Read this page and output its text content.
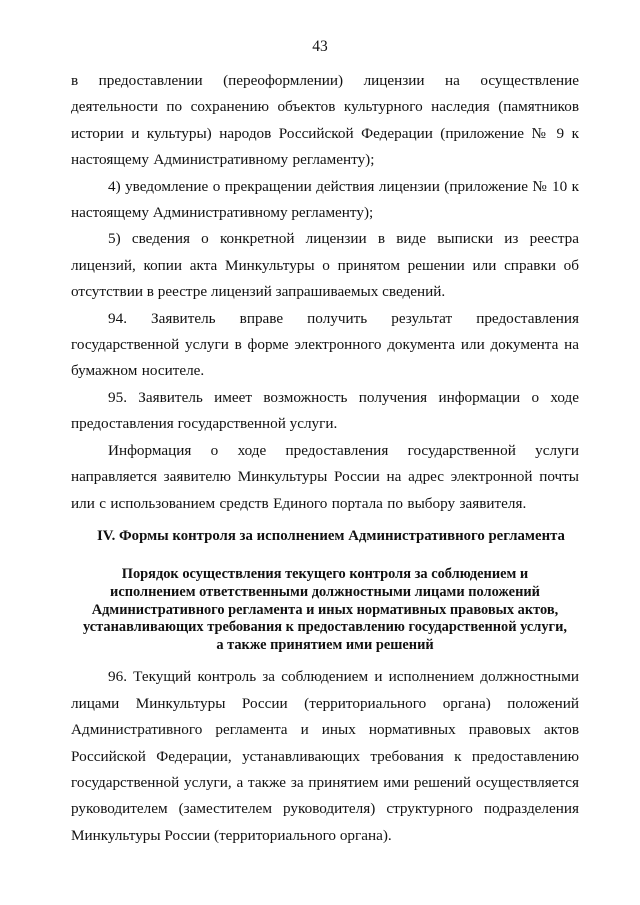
43

в предоставлении (переоформлении) лицензии на осуществление деятельности по сохранению объектов культурного наследия (памятников истории и культуры) народов Российской Федерации (приложение № 9 к настоящему Административному регламенту);

4) уведомление о прекращении действия лицензии (приложение № 10 к настоящему Административному регламенту);

5) сведения о конкретной лицензии в виде выписки из реестра лицензий, копии акта Минкультуры о принятом решении или справки об отсутствии в реестре лицензий запрашиваемых сведений.

94. Заявитель вправе получить результат предоставления государственной услуги в форме электронного документа или документа на бумажном носителе.

95. Заявитель имеет возможность получения информации о ходе предоставления государственной услуги.

Информация о ходе предоставления государственной услуги направляется заявителю Минкультуры России на адрес электронной почты или с использованием средств Единого портала по выбору заявителя.

IV. Формы контроля за исполнением Административного регламента
Порядок осуществления текущего контроля за соблюдением и
исполнением ответственными должностными лицами положений
Административного регламента и иных нормативных правовых актов,
устанавливающих требования к предоставлению государственной услуги,
а также принятием ими решений

96. Текущий контроль за соблюдением и исполнением должностными лицами Минкультуры России (территориального органа) положений Административного регламента и иных нормативных правовых актов Российской Федерации, устанавливающих требования к предоставлению государственной услуги, а также за принятием ими решений осуществляется руководителем (заместителем руководителя) структурного подразделения Минкультуры России (территориального органа).
